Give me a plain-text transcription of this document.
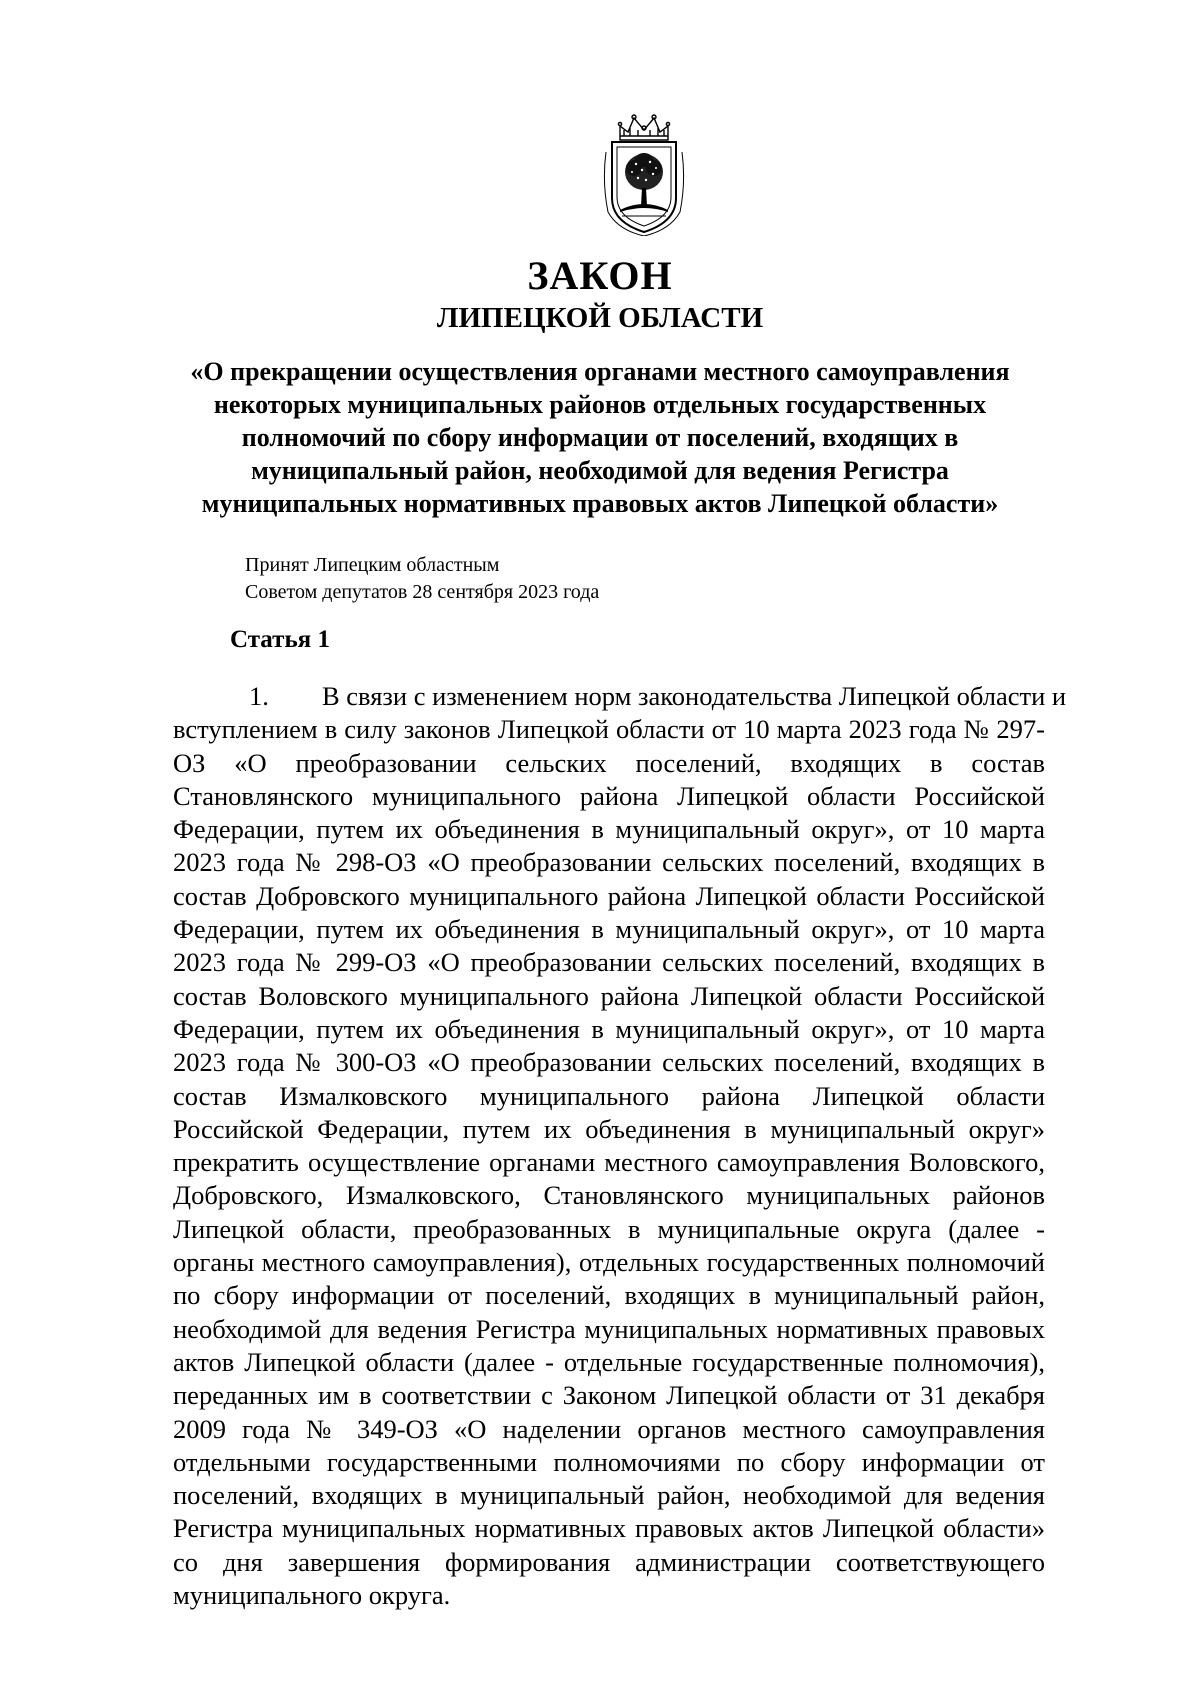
ЗАКОН
ЛИПЕЦКОЙ ОБЛАСТИ
«О прекращении осуществления органами местного самоуправления
некоторых муниципальных районов отдельных государственных
полномочий по сбору информации от поселений, входящих в
муниципальный район, необходимой для ведения Регистра
муниципальных нормативных правовых актов Липецкой области»
Принят Липецким областным
Советом депутатов 28 сентября 2023 года
Статья 1
1. В связи с изменением норм законодательства Липецкой области и
вступлением в силу законов Липецкой области от 10 марта 2023 года № 297-
ОЗ «О преобразовании сельских поселений, входящих в состав
Становлянского муниципального района Липецкой области Российской
Федерации, путем их объединения в муниципальный округ», от 10 марта
2023 года № 298-ОЗ «О преобразовании сельских поселений, входящих в
состав Добровского муниципального района Липецкой области Российской
Федерации, путем их объединения в муниципальный округ», от 10 марта
2023 года № 299-ОЗ «О преобразовании сельских поселений, входящих в
состав Воловского муниципального района Липецкой области Российской
Федерации, путем их объединения в муниципальный округ», от 10 марта
2023 года № 300-ОЗ «О преобразовании сельских поселений, входящих в
состав Измалковского муниципального района Липецкой области
Российской Федерации, путем их объединения в муниципальный округ»
прекратить осуществление органами местного самоуправления Воловского,
Добровского, Измалковского, Становлянского муниципальных районов
Липецкой области, преобразованных в муниципальные округа (далее -
органы местного самоуправления), отдельных государственных полномочий
по сбору информации от поселений, входящих в муниципальный район,
необходимой для ведения Регистра муниципальных нормативных правовых
актов Липецкой области (далее - отдельные государственные полномочия),
переданных им в соответствии с Законом Липецкой области от 31 декабря
2009 года № 349-ОЗ «О наделении органов местного самоуправления
отдельными государственными полномочиями по сбору информации от
поселений, входящих в муниципальный район, необходимой для ведения
Регистра муниципальных нормативных правовых актов Липецкой области»
со дня завершения формирования администрации соответствующего
муниципального округа.
